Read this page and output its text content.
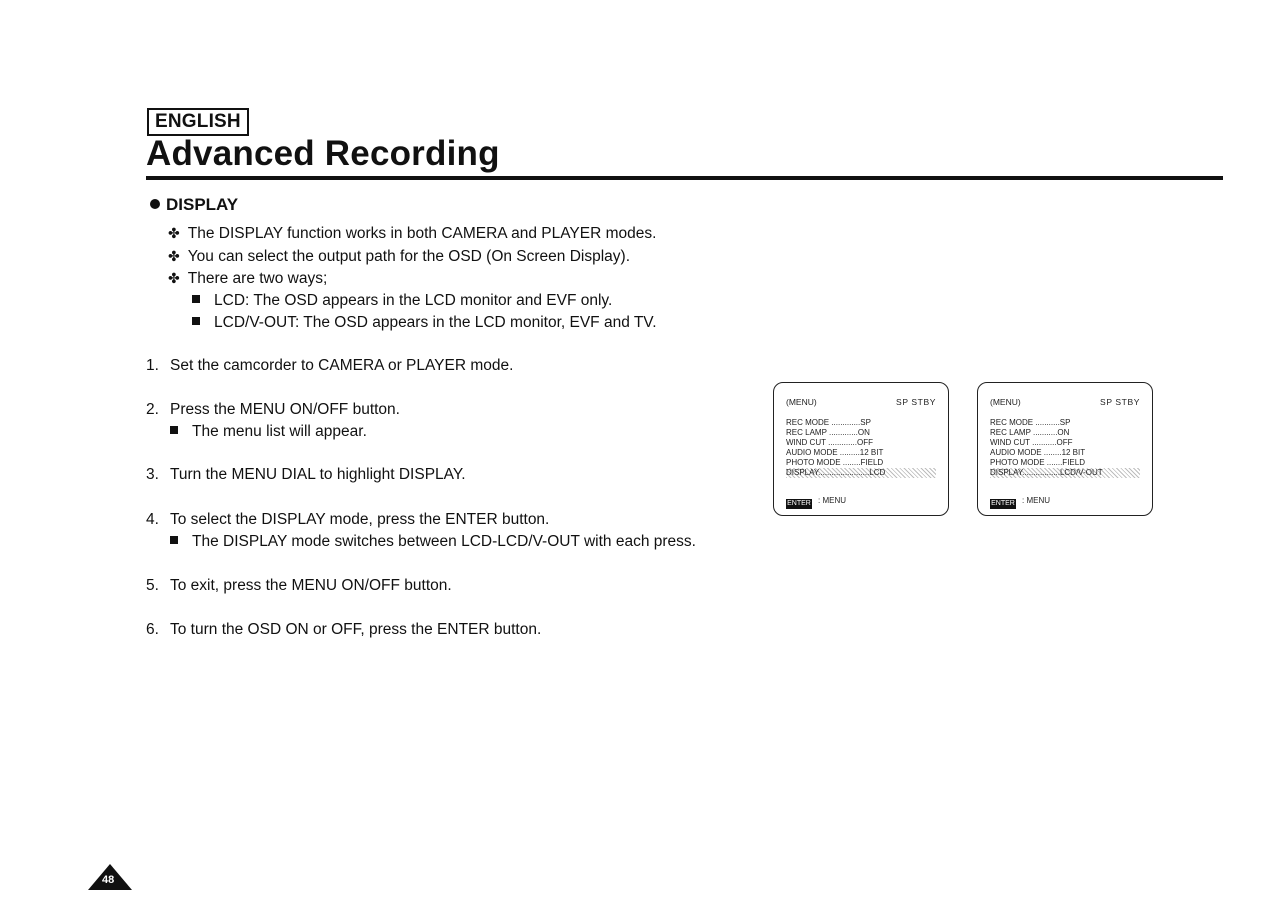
ENGLISH
Advanced Recording
DISPLAY
✤ The DISPLAY function works in both CAMERA and PLAYER modes.
✤ You can select the output path for the OSD (On Screen Display).
✤ There are two ways;
LCD: The OSD appears in the LCD monitor and EVF only.
LCD/V-OUT: The OSD appears in the LCD monitor, EVF and TV.
1. Set the camcorder to CAMERA or PLAYER mode.
2. Press the MENU ON/OFF button.
The menu list will appear.
3. Turn the MENU DIAL to highlight DISPLAY.
4. To select the DISPLAY mode, press the ENTER button.
The DISPLAY mode switches between LCD-LCD/V-OUT with each press.
5. To exit, press the MENU ON/OFF button.
6. To turn the OSD ON or OFF, press the ENTER button.
(MENU)	SP STBY
REC MODE .............SP
REC LAMP .............ON
WIND CUT .............OFF
AUDIO MODE .........12 BIT
PHOTO MODE ........FIELD
DISPLAY.......................LCD
ENTER : MENU
(MENU)	SP STBY
REC MODE ...........SP
REC LAMP ...........ON
WIND CUT ...........OFF
AUDIO MODE ........12 BIT
PHOTO MODE .......FIELD
DISPLAY.................LCD/V-OUT
ENTER : MENU
48
